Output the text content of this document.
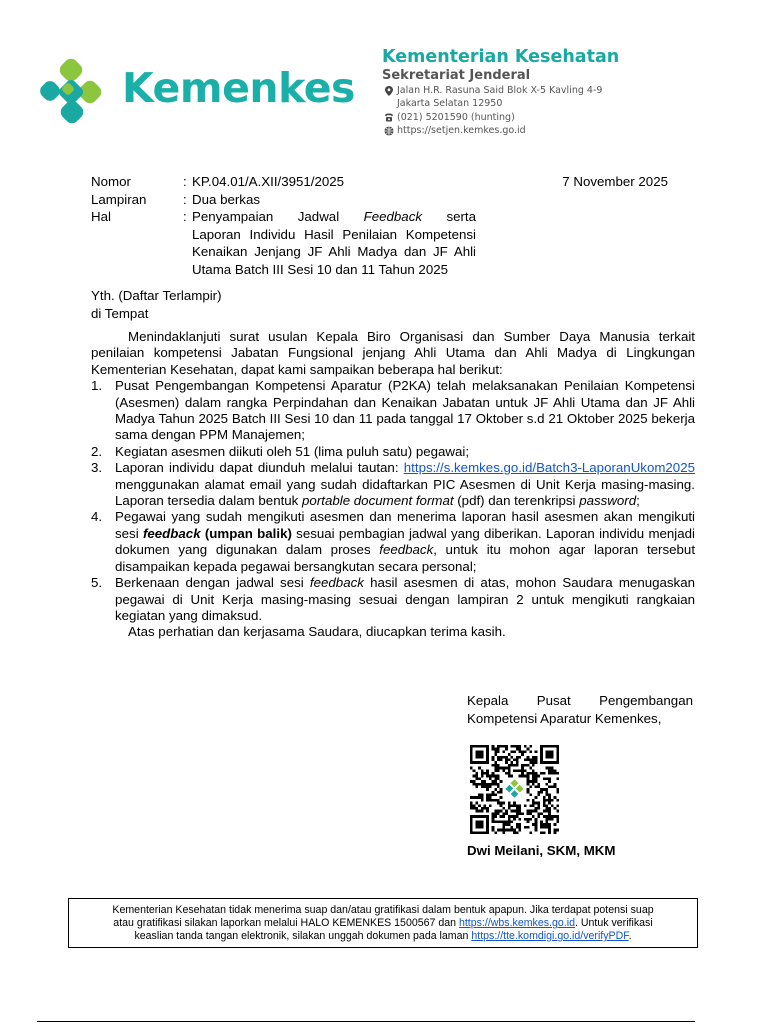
Kemenkes
Kementerian Kesehatan
Sekretariat Jenderal
Jalan H.R. Rasuna Said Blok X-5 Kavling 4-9
Jakarta Selatan 12950
(021) 5201590 (hunting)
https://setjen.kemkes.go.id
7 November 2025
Nomor	: KP.04.01/A.XII/3951/2025
Lampiran	: Dua berkas
Hal	: Penyampaian Jadwal Feedback serta
Laporan Individu Hasil Penilaian Kompetensi
Kenaikan Jenjang JF Ahli Madya dan JF Ahli
Utama Batch III Sesi 10 dan 11 Tahun 2025
Yth. (Daftar Terlampir)
di Tempat

Menindaklanjuti surat usulan Kepala Biro Organisasi dan Sumber Daya Manusia terkait penilaian kompetensi Jabatan Fungsional jenjang Ahli Utama dan Ahli Madya di Lingkungan Kementerian Kesehatan, dapat kami sampaikan beberapa hal berikut:

1. Pusat Pengembangan Kompetensi Aparatur (P2KA) telah melaksanakan Penilaian Kompetensi (Asesmen) dalam rangka Perpindahan dan Kenaikan Jabatan untuk JF Ahli Utama dan JF Ahli Madya Tahun 2025 Batch III Sesi 10 dan 11 pada tanggal 17 Oktober s.d 21 Oktober 2025 bekerja sama dengan PPM Manajemen;
2. Kegiatan asesmen diikuti oleh 51 (lima puluh satu) pegawai;
3. Laporan individu dapat diunduh melalui tautan: https://s.kemkes.go.id/Batch3-LaporanUkom2025 menggunakan alamat email yang sudah didaftarkan PIC Asesmen di Unit Kerja masing-masing. Laporan tersedia dalam bentuk portable document format (pdf) dan terenkripsi password;
4. Pegawai yang sudah mengikuti asesmen dan menerima laporan hasil asesmen akan mengikuti sesi feedback (umpan balik) sesuai pembagian jadwal yang diberikan. Laporan individu menjadi dokumen yang digunakan dalam proses feedback, untuk itu mohon agar laporan tersebut disampaikan kepada pegawai bersangkutan secara personal;
5. Berkenaan dengan jadwal sesi feedback hasil asesmen di atas, mohon Saudara menugaskan pegawai di Unit Kerja masing-masing sesuai dengan lampiran 2 untuk mengikuti rangkaian kegiatan yang dimaksud.

Atas perhatian dan kerjasama Saudara, diucapkan terima kasih.

Kepala Pusat Pengembangan
Kompetensi Aparatur Kemenkes,
Dwi Meilani, SKM, MKM
Kementerian Kesehatan tidak menerima suap dan/atau gratifikasi dalam bentuk apapun. Jika terdapat potensi suap
atau gratifikasi silakan laporkan melalui HALO KEMENKES 1500567 dan https://wbs.kemkes.go.id. Untuk verifikasi
keaslian tanda tangan elektronik, silakan unggah dokumen pada laman https://tte.komdigi.go.id/verifyPDF.
